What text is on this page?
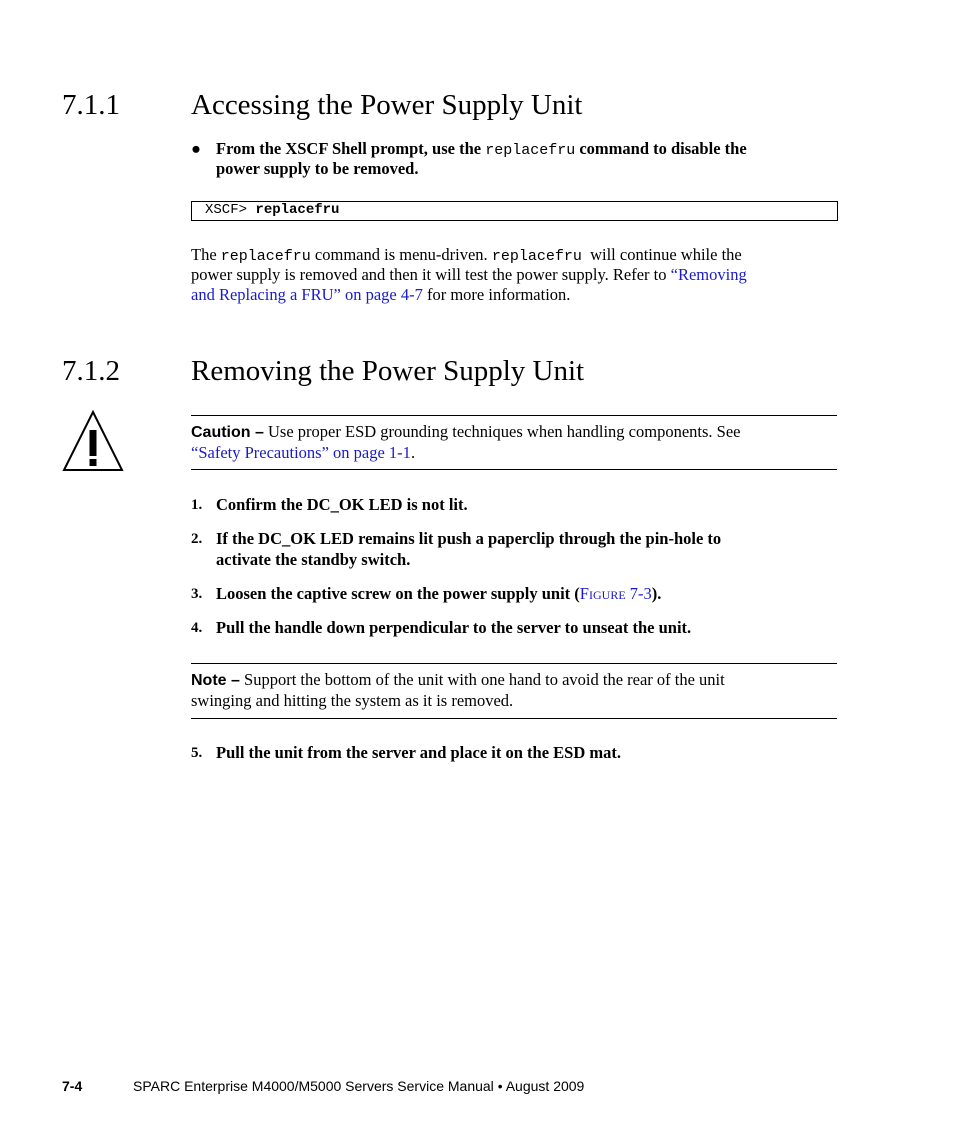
7.1.1 Accessing the Power Supply Unit
● From the XSCF Shell prompt, use the replacefru command to disable the
power supply to be removed.
XSCF> replacefru
The replacefru command is menu-driven. replacefru  will continue while the
power supply is removed and then it will test the power supply. Refer to “Removing
and Replacing a FRU” on page 4-7 for more information.
7.1.2 Removing the Power Supply Unit
Caution – Use proper ESD grounding techniques when handling components. See
“Safety Precautions” on page 1-1.
1. Confirm the DC_OK LED is not lit.
2. If the DC_OK LED remains lit push a paperclip through the pin-hole to
activate the standby switch.
3. Loosen the captive screw on the power supply unit (FIGURE 7-3).
4. Pull the handle down perpendicular to the server to unseat the unit.
Note – Support the bottom of the unit with one hand to avoid the rear of the unit
swinging and hitting the system as it is removed.
5. Pull the unit from the server and place it on the ESD mat.
7-4	SPARC Enterprise M4000/M5000 Servers Service Manual • August 2009
